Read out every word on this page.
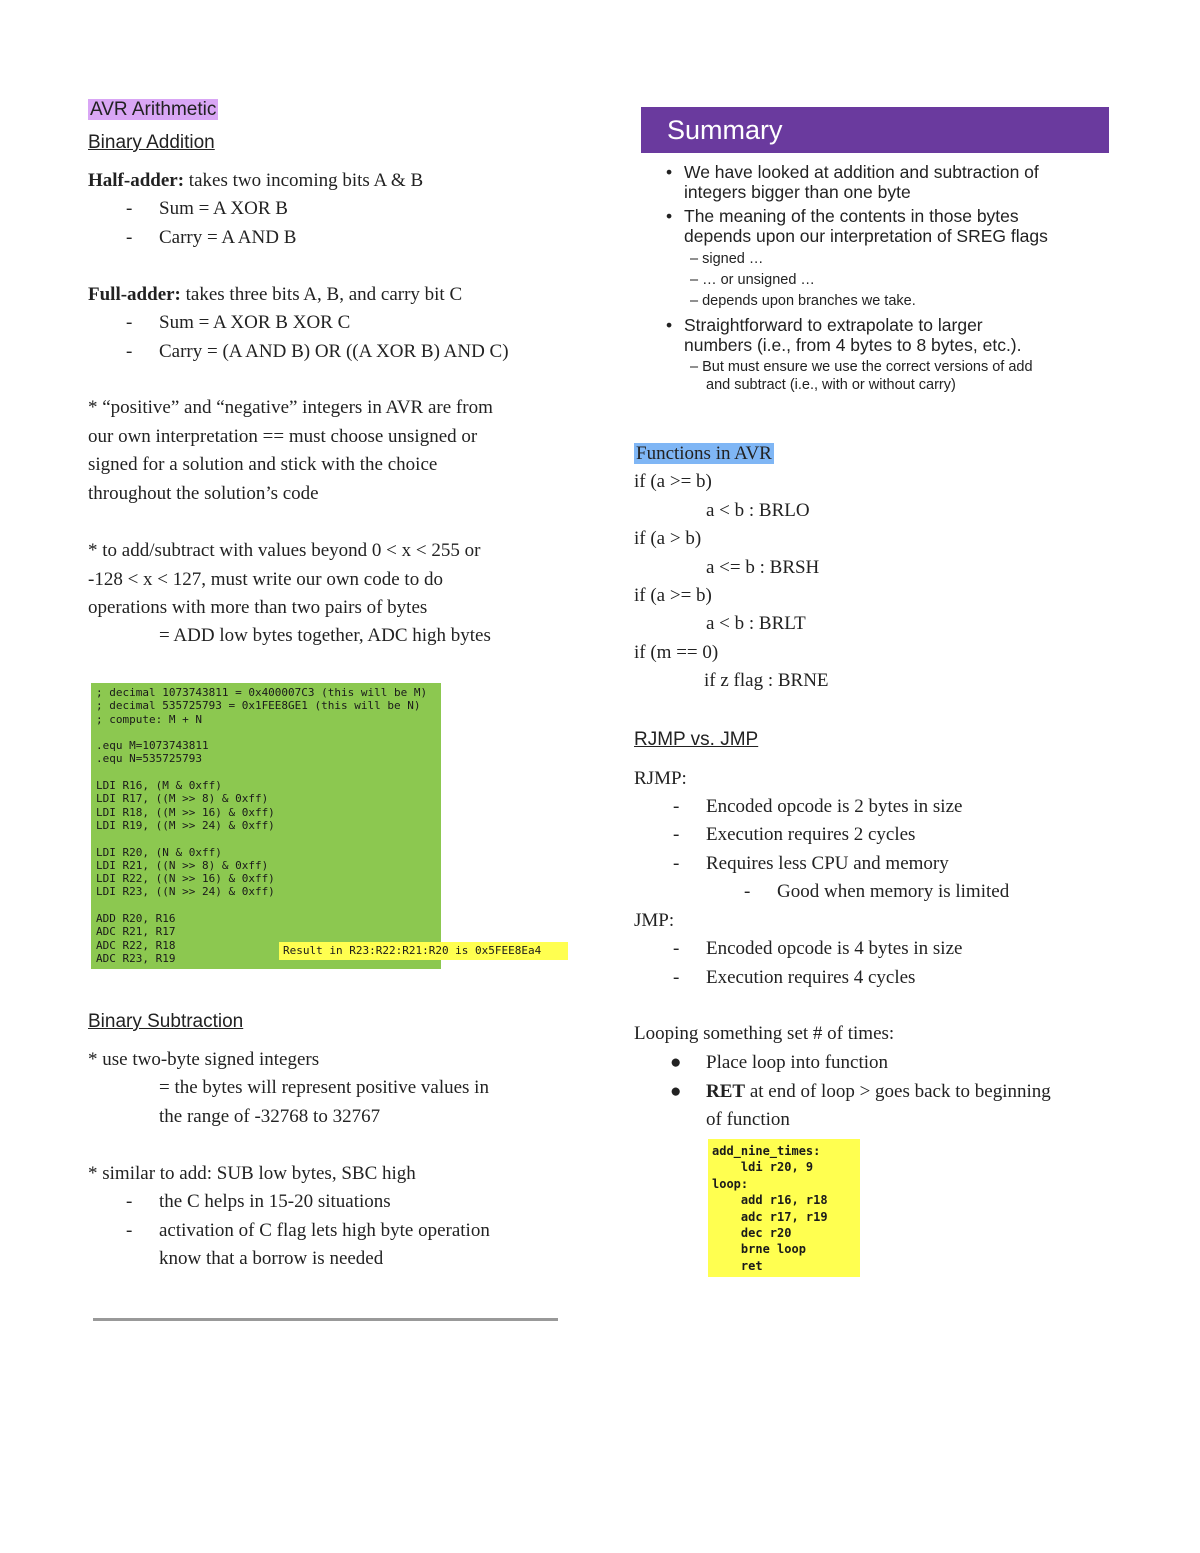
AVR Arithmetic
Binary Addition
Half-adder: takes two incoming bits A & B
- Sum = A XOR B
- Carry = A AND B
Full-adder: takes three bits A, B, and carry bit C
- Sum = A XOR B XOR C
- Carry = (A AND B) OR ((A XOR B) AND C)
* “positive” and “negative” integers in AVR are from
our own interpretation == must choose unsigned or
signed for a solution and stick with the choice
throughout the solution’s code
* to add/subtract with values beyond 0 < x < 255 or
-128 < x < 127, must write our own code to do
operations with more than two pairs of bytes
= ADD low bytes together, ADC high bytes
; decimal 1073743811 = 0x400007C3 (this will be M)
; decimal 535725793 = 0x1FEE8GE1 (this will be N)
; compute: M + N

.equ M=1073743811
.equ N=535725793

LDI R16, (M & 0xff)
LDI R17, ((M >> 8) & 0xff)
LDI R18, ((M >> 16) & 0xff)
LDI R19, ((M >> 24) & 0xff)

LDI R20, (N & 0xff)
LDI R21, ((N >> 8) & 0xff)
LDI R22, ((N >> 16) & 0xff)
LDI R23, ((N >> 24) & 0xff)

ADD R20, R16
ADC R21, R17
ADC R22, R18
ADC R23, R19
Result in R23:R22:R21:R20 is 0x5FEE8Ea4
Binary Subtraction
* use two-byte signed integers
= the bytes will represent positive values in
the range of -32768 to 32767
* similar to add: SUB low bytes, SBC high
- the C helps in 15-20 situations
- activation of C flag lets high byte operation
know that a borrow is needed
Summary
• We have looked at addition and subtraction of
integers bigger than one byte
• The meaning of the contents in those bytes
depends upon our interpretation of SREG flags
– signed …
– … or unsigned …
– depends upon branches we take.
• Straightforward to extrapolate to larger
numbers (i.e., from 4 bytes to 8 bytes, etc.).
– But must ensure we use the correct versions of add
and subtract (i.e., with or without carry)
Functions in AVR
if (a >= b)
a < b : BRLO
if (a > b)
a <= b : BRSH
if (a >= b)
a < b : BRLT
if (m == 0)
if z flag : BRNE
RJMP vs. JMP
RJMP:
- Encoded opcode is 2 bytes in size
- Execution requires 2 cycles
- Requires less CPU and memory
- Good when memory is limited
JMP:
- Encoded opcode is 4 bytes in size
- Execution requires 4 cycles
Looping something set # of times:
● Place loop into function
● RET at end of loop > goes back to beginning
of function
add_nine_times:
ldi r20, 9
loop:
add r16, r18
adc r17, r19
dec r20
brne loop
ret
